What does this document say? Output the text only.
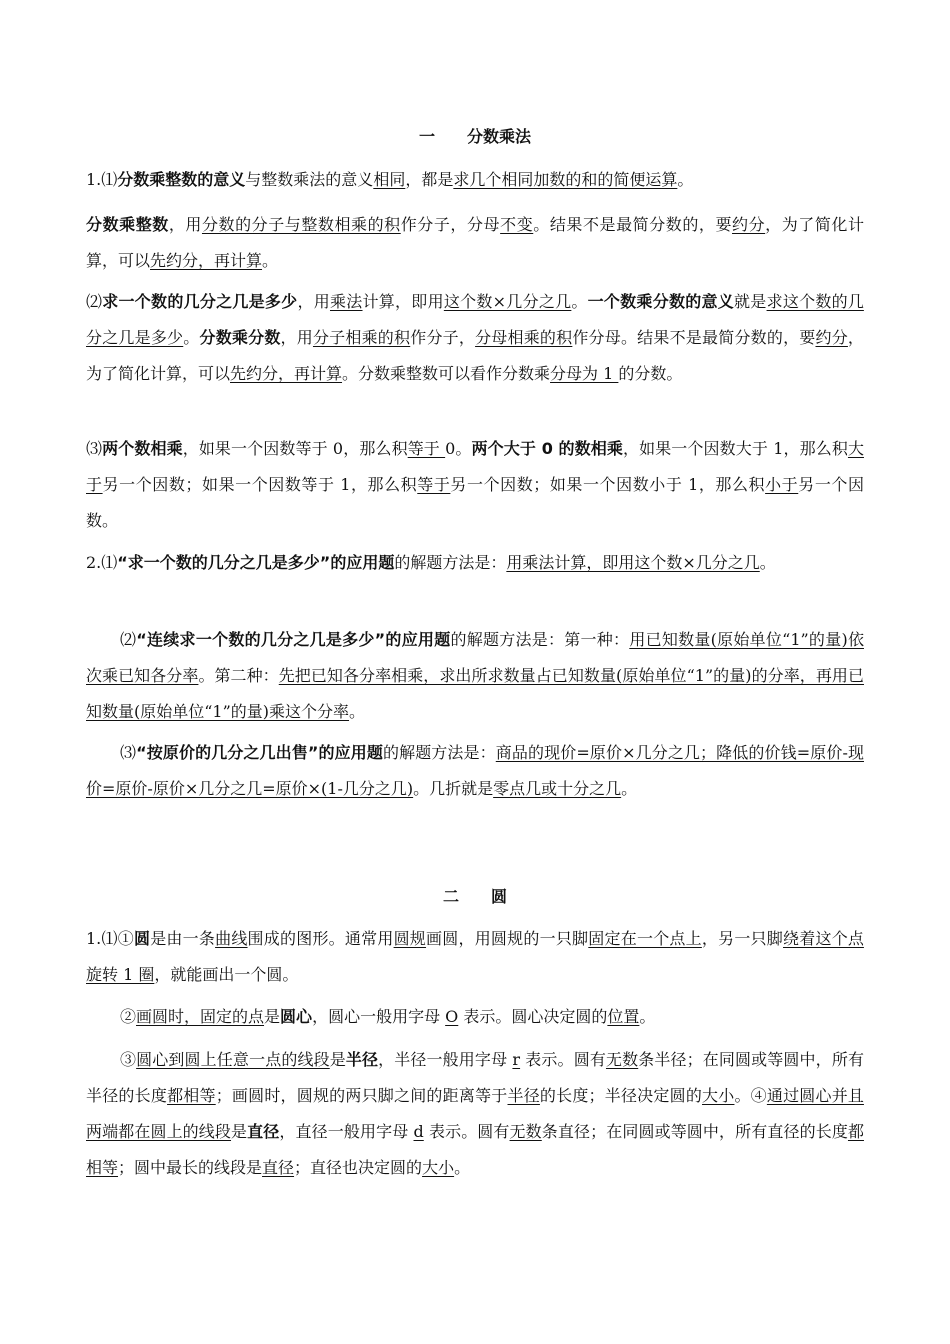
一　　分数乘法
1.⑴分数乘整数的意义与整数乘法的意义相同，都是求几个相同加数的和的简便运算。
分数乘整数，用分数的分子与整数相乘的积作分子，分母不变。结果不是最简分数的，要约分，为了简化计算，可以先约分，再计算。
⑵求一个数的几分之几是多少，用乘法计算，即用这个数×几分之几。一个数乘分数的意义就是求这个数的几分之几是多少。分数乘分数，用分子相乘的积作分子，分母相乘的积作分母。结果不是最简分数的，要约分，为了简化计算，可以先约分，再计算。分数乘整数可以看作分数乘分母为 1 的分数。
⑶两个数相乘，如果一个因数等于 0，那么积等于 0。两个大于 0 的数相乘，如果一个因数大于 1，那么积大于另一个因数；如果一个因数等于 1，那么积等于另一个因数；如果一个因数小于 1，那么积小于另一个因数。
2.⑴“求一个数的几分之几是多少”的应用题的解题方法是：用乘法计算，即用这个数×几分之几。
⑵“连续求一个数的几分之几是多少”的应用题的解题方法是：第一种：用已知数量(原始单位“1”的量)依次乘已知各分率。第二种：先把已知各分率相乘，求出所求数量占已知数量(原始单位“1”的量)的分率，再用已知数量(原始单位“1”的量)乘这个分率。
⑶“按原价的几分之几出售”的应用题的解题方法是：商品的现价=原价×几分之几；降低的价钱=原价-现价=原价-原价×几分之几=原价×(1-几分之几)。几折就是零点几或十分之几。
二　　圆
1.⑴①圆是由一条曲线围成的图形。通常用圆规画圆，用圆规的一只脚固定在一个点上，另一只脚绕着这个点旋转 1 圈，就能画出一个圆。
②画圆时，固定的点是圆心，圆心一般用字母 O 表示。圆心决定圆的位置。
③圆心到圆上任意一点的线段是半径，半径一般用字母 r 表示。圆有无数条半径；在同圆或等圆中，所有半径的长度都相等；画圆时，圆规的两只脚之间的距离等于半径的长度；半径决定圆的大小。④通过圆心并且两端都在圆上的线段是直径，直径一般用字母 d 表示。圆有无数条直径；在同圆或等圆中，所有直径的长度都相等；圆中最长的线段是直径；直径也决定圆的大小。
